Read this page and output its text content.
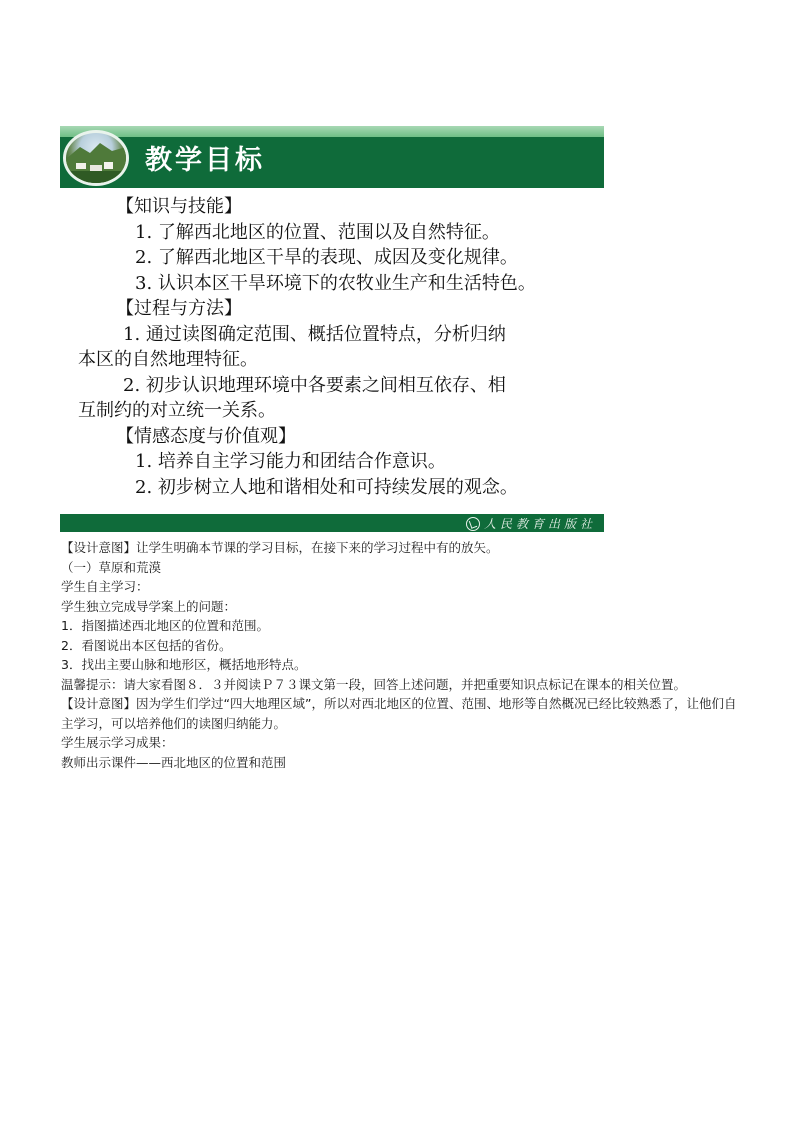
教学目标
【知识与技能】
1. 了解西北地区的位置、范围以及自然特征。
2. 了解西北地区干旱的表现、成因及变化规律。
3. 认识本区干旱环境下的农牧业生产和生活特色。
【过程与方法】
1. 通过读图确定范围、概括位置特点，分析归纳
本区的自然地理特征。
2. 初步认识地理环境中各要素之间相互依存、相
互制约的对立统一关系。
【情感态度与价值观】
1. 培养自主学习能力和团结合作意识。
2. 初步树立人地和谐相处和可持续发展的观念。
人民教育出版社
【设计意图】让学生明确本节课的学习目标，在接下来的学习过程中有的放矢。
（一）草原和荒漠
学生自主学习：
学生独立完成导学案上的问题：
1．指图描述西北地区的位置和范围。
2．看图说出本区包括的省份。
3．找出主要山脉和地形区，概括地形特点。
温馨提示：请大家看图８．３并阅读Ｐ７３课文第一段，回答上述问题，并把重要知识点标记在课本的相关位置。
【设计意图】因为学生们学过“四大地理区域”，所以对西北地区的位置、范围、地形等自然概况已经比较熟悉了，让他们自主学习，可以培养他们的读图归纳能力。
学生展示学习成果：
教师出示课件——西北地区的位置和范围
